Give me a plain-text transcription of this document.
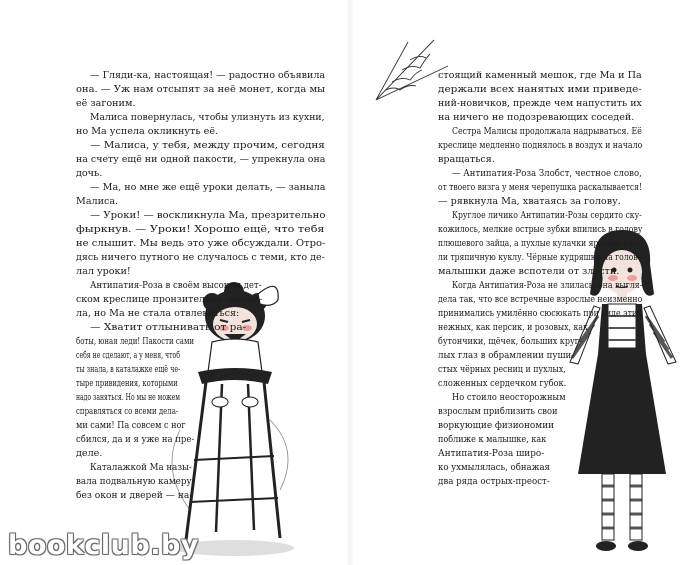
— Гляди-ка, настоящая! — радостно объявила
она. — Уж нам отсыпят за неё монет, когда мы
её загоним.
Малиса повернулась, чтобы улизнуть из кухни,
но Ма успела окликнуть её.
— Малиса, у тебя, между прочим, сегодня
на счету ещё ни одной пакости, — упрекнула она
дочь.
— Ма, но мне же ещё уроки делать, — заныла
Малиса.
— Уроки! — воскликнула Ма, презрительно
фыркнув. — Уроки! Хорошо ещё, что тебя
не слышит. Мы ведь это уже обсуждали. Отро-
дясь ничего путного не случалось с теми, кто де-
лал уроки!
Антипатия-Роза в своём высоком дет-
ском креслице пронзительно завопи-
ла, но Ма не стала отвлекаться:
— Хватит отлынивать от ра-
боты, юная леди! Пакости сами
себя не сделают, а у меня, чтоб
ты знала, в каталажке ещё че-
тыре привидения, которыми
надо заняться. Но мы не можем
справляться со всеми дела-
ми сами! Па совсем с ног
сбился, да и я уже на пре-
деле.
Каталажкой Ма назы-
вала подвальную камеру
без окон и дверей — на-
стоящий каменный мешок, где Ма и Па
держали всех нанятых ими приведе-
ний-новичков, прежде чем напустить их
на ничего не подозревающих соседей.
Сестра Малисы продолжала надрываться. Её
креслице медленно поднялось в воздух и начало
вращаться.
— Антипатия-Роза Злобст, честное слово,
от твоего визга у меня черепушка раскалывается!
— рявкнула Ма, хватаясь за голову.
Круглое личико Антипатии-Розы сердито ску-
кожилось, мелкие острые зубки впились в голову
плюшевого зайца, а пухлые кулачки яростно сжа-
ли тряпичную куклу. Чёрные кудряшки на голове
малышки даже вспотели от злости.
Когда Антипатия-Роза не злилась, она выгля-
дела так, что все встречные взрослые неизменно
принимались умилённо сюсюкать при виде этих
нежных, как персик, и розовых, как
бутончики, щёчек, больших круг-
лых глаз в обрамлении пуши-
стых чёрных ресниц и пухлых,
сложенных сердечком губок.
Но стоило неосторожным
взрослым приблизить свои
воркующие физиономии
поближе к малышке, как
Антипатия-Роза широ-
ко ухмылялась, обнажая
два ряда острых-преост-
bookclub.by
